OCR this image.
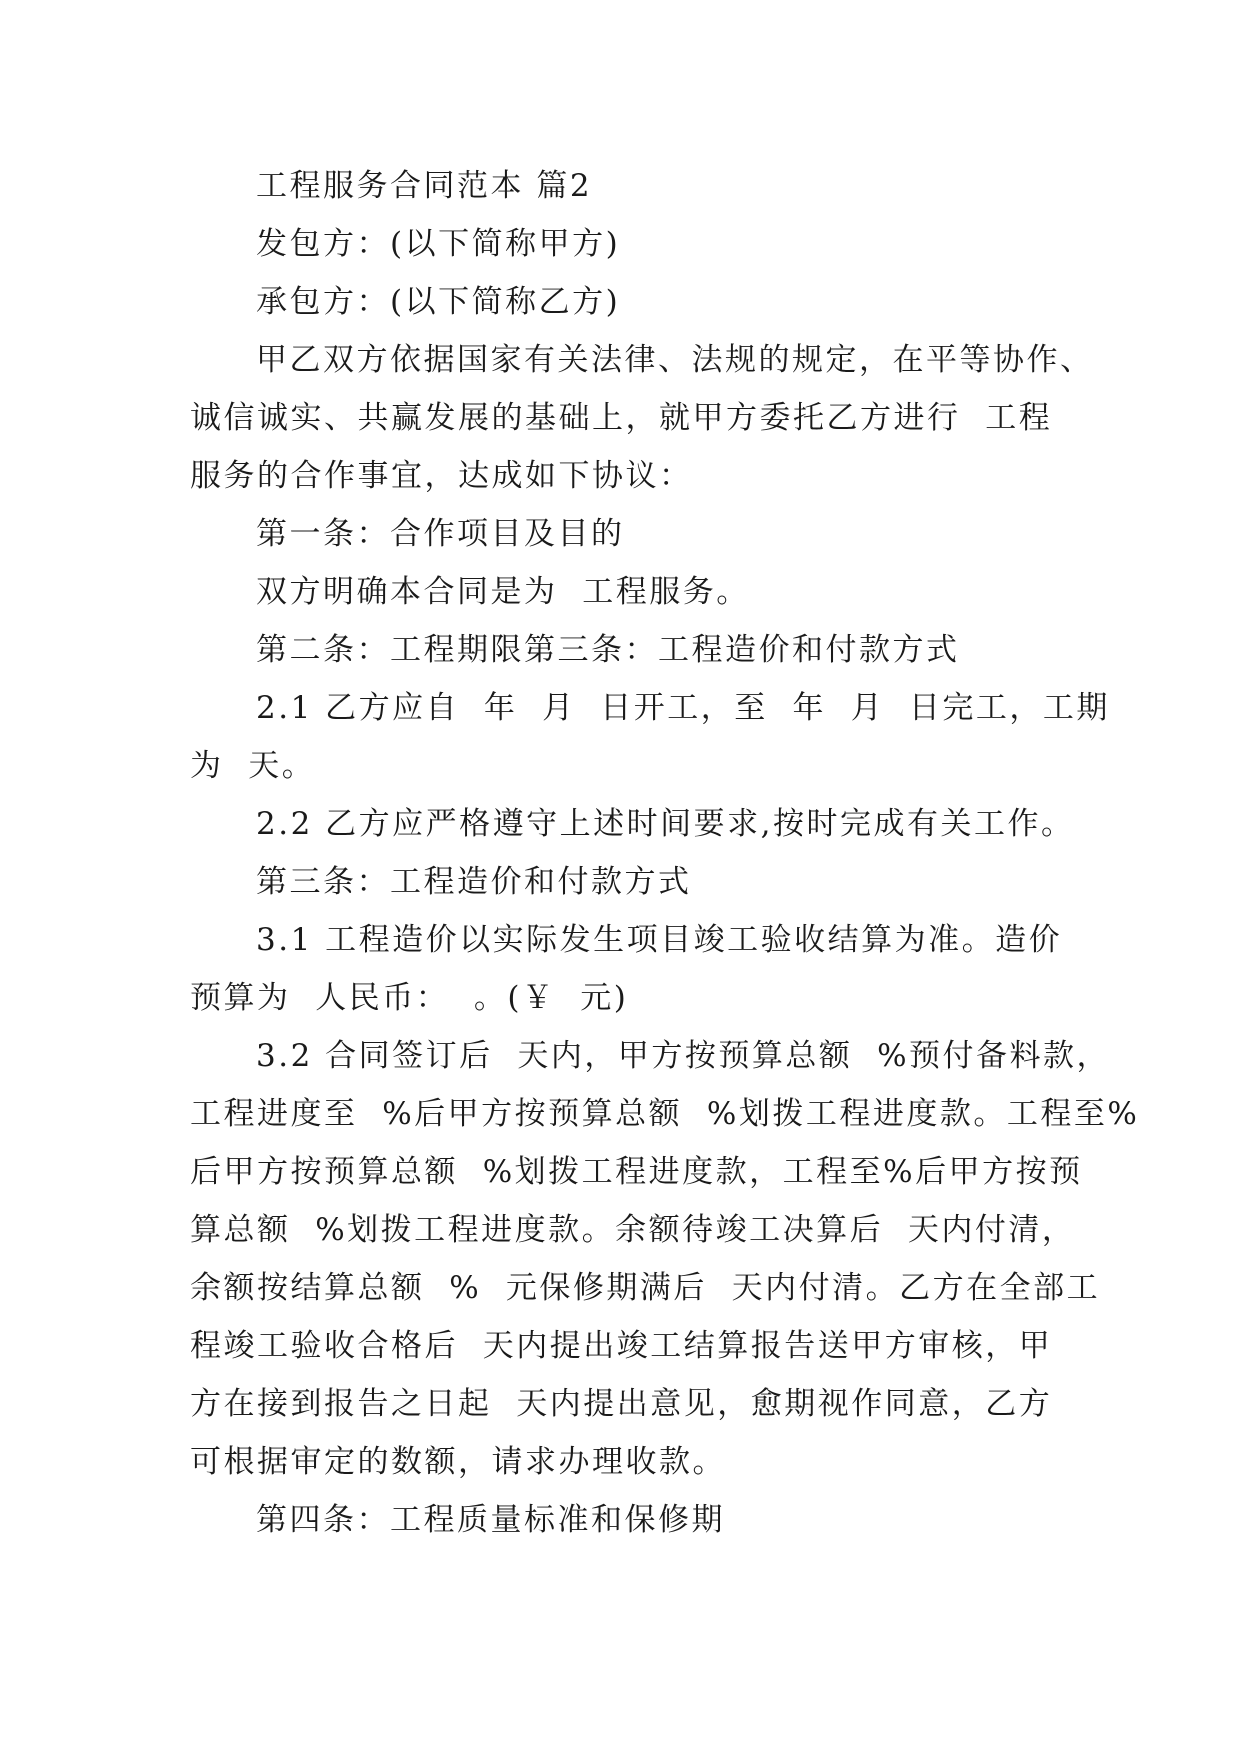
工程服务合同范本 篇2
发包方：(以下简称甲方)
承包方：(以下简称乙方)
甲乙双方依据国家有关法律、法规的规定，在平等协作、
诚信诚实、共赢发展的基础上，就甲方委托乙方进行  工程
服务的合作事宜，达成如下协议：
第一条：合作项目及目的
双方明确本合同是为  工程服务。
第二条：工程期限第三条：工程造价和付款方式
2.1 乙方应自  年  月  日开工，至  年  月  日完工，工期
为  天。
2.2 乙方应严格遵守上述时间要求,按时完成有关工作。
第三条：工程造价和付款方式
3.1 工程造价以实际发生项目竣工验收结算为准。造价
预算为  人民币：  。(￥  元)
3.2 合同签订后  天内，甲方按预算总额  %预付备料款，
工程进度至  %后甲方按预算总额  %划拨工程进度款。工程至%
后甲方按预算总额  %划拨工程进度款，工程至%后甲方按预
算总额  %划拨工程进度款。余额待竣工决算后  天内付清，
余额按结算总额  %  元保修期满后  天内付清。乙方在全部工
程竣工验收合格后  天内提出竣工结算报告送甲方审核，甲
方在接到报告之日起  天内提出意见，愈期视作同意，乙方
可根据审定的数额，请求办理收款。
第四条：工程质量标准和保修期
